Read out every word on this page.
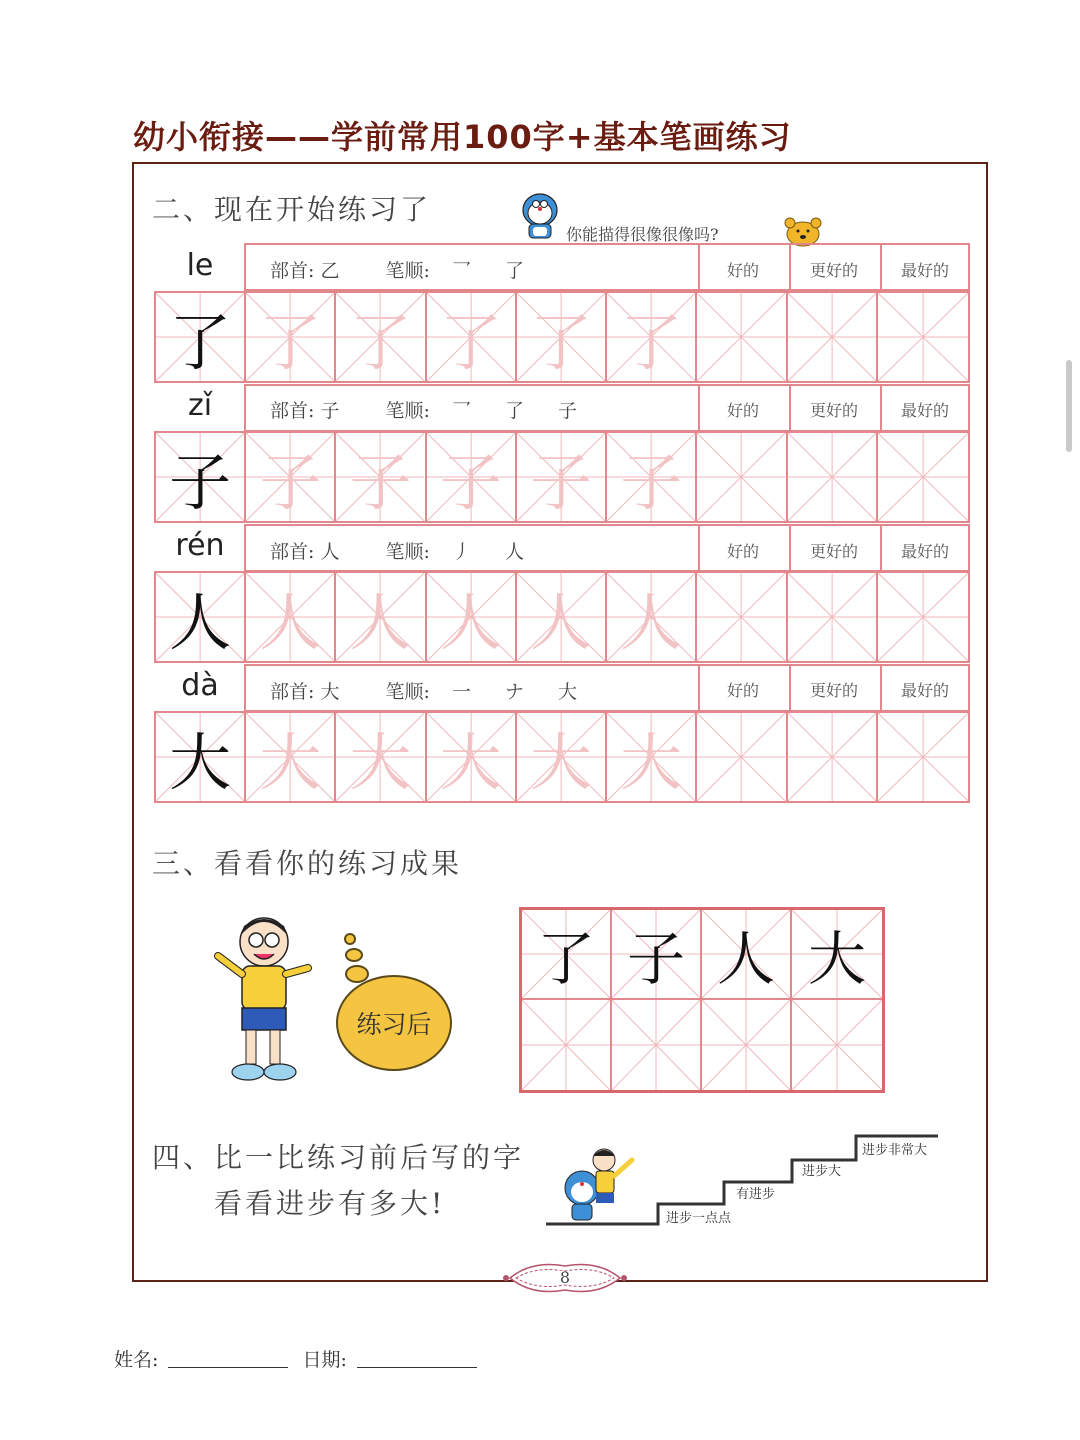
幼小衔接——学前常用100字+基本笔画练习
二、现在开始练习了
你能描得很像很像吗?
le	部首: 乙 笔顺: 乛 了	好的	更好的	最好的
了 了 了 了 了 了
zǐ	部首: 子 笔顺: 乛 了 子	好的	更好的	最好的
子 子 子 子 子 子
rén	部首: 人 笔顺: 丿 人	好的	更好的	最好的
人 人 人 人 人 人
dà	部首: 大 笔顺: 一 ナ 大	好的	更好的	最好的
大 大 大 大 大 大
三、看看你的练习成果
练习后
了 子 人 大
四、比一比练习前后写的字
看看进步有多大!	进步一点点
有进步
进步大
进步非常大
8
姓名:	日期:
